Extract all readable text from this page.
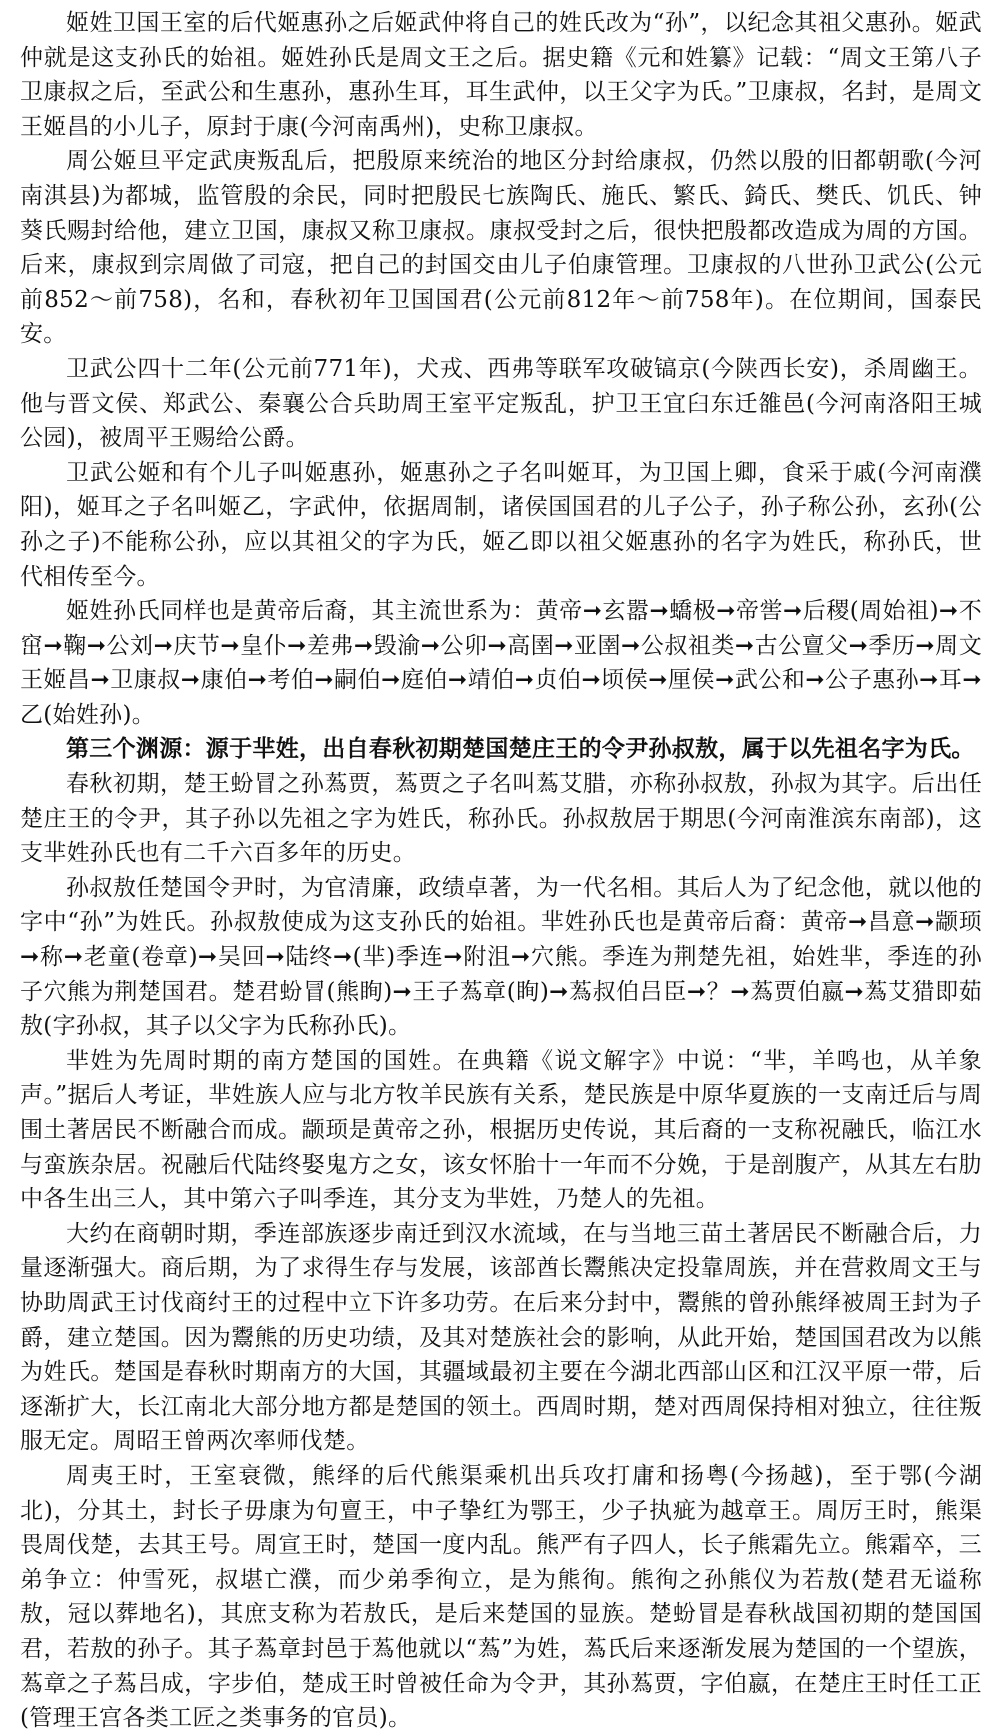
姬姓卫国王室的后代姬惠孙之后姬武仲将自己的姓氏改为“孙”，以纪念其祖父惠孙。姬武仲就是这支孙氏的始祖。姬姓孙氏是周文王之后。据史籍《元和姓纂》记载：“周文王第八子卫康叔之后，至武公和生惠孙，惠孙生耳，耳生武仲，以王父字为氏。”卫康叔，名封，是周文王姬昌的小儿子，原封于康(今河南禹州)，史称卫康叔。

周公姬旦平定武庚叛乱后，把殷原来统治的地区分封给康叔，仍然以殷的旧都朝歌(今河南淇县)为都城，监管殷的余民，同时把殷民七族陶氏、施氏、繁氏、錡氏、樊氏、饥氏、钟葵氏赐封给他，建立卫国，康叔又称卫康叔。康叔受封之后，很快把殷都改造成为周的方国。后来，康叔到宗周做了司寇，把自己的封国交由儿子伯康管理。卫康叔的八世孙卫武公(公元前852～前758)，名和，春秋初年卫国国君(公元前812年～前758年)。在位期间，国泰民安。

卫武公四十二年(公元前771年)，犬戎、西弗等联军攻破镐京(今陕西长安)，杀周幽王。他与晋文侯、郑武公、秦襄公合兵助周王室平定叛乱，护卫王宜臼东迁雒邑(今河南洛阳王城公园)，被周平王赐给公爵。

卫武公姬和有个儿子叫姬惠孙，姬惠孙之子名叫姬耳，为卫国上卿，食采于戚(今河南濮阳)，姬耳之子名叫姬乙，字武仲，依据周制，诸侯国国君的儿子公子，孙子称公孙，玄孙(公孙之子)不能称公孙，应以其祖父的字为氏，姬乙即以祖父姬惠孙的名字为姓氏，称孙氏，世代相传至今。

姬姓孙氏同样也是黄帝后裔，其主流世系为：黄帝➞玄嚣➞蟜极➞帝喾➞后稷(周始祖)➞不窋➞鞠➞公刘➞庆节➞皇仆➞差弗➞毁渝➞公卯➞高圉➞亚圉➞公叔祖类➞古公亶父➞季历➞周文王姬昌➞卫康叔➞康伯➞考伯➞嗣伯➞庭伯➞靖伯➞贞伯➞顷侯➞厘侯➞武公和➞公子惠孙➞耳➞乙(始姓孙)。

第三个渊源：源于芈姓，出自春秋初期楚国楚庄王的令尹孙叔敖，属于以先祖名字为氏。

春秋初期，楚王蚡冒之孙蒍贾，蒍贾之子名叫蒍艾腊，亦称孙叔敖，孙叔为其字。后出任楚庄王的令尹，其子孙以先祖之字为姓氏，称孙氏。孙叔敖居于期思(今河南淮滨东南部)，这支芈姓孙氏也有二千六百多年的历史。

孙叔敖任楚国令尹时，为官清廉，政绩卓著，为一代名相。其后人为了纪念他，就以他的字中“孙”为姓氏。孙叔敖使成为这支孙氏的始祖。芈姓孙氏也是黄帝后裔：黄帝➞昌意➞颛顼➞称➞老童(卷章)➞吴回➞陆终➞(芈)季连➞附沮➞穴熊。季连为荆楚先祖，始姓芈，季连的孙子穴熊为荆楚国君。楚君蚡冒(熊眴)➞王子蒍章(眴)➞蒍叔伯吕臣➞？➞蒍贾伯嬴➞蒍艾猎即茹敖(字孙叔，其子以父字为氏称孙氏)。

芈姓为先周时期的南方楚国的国姓。在典籍《说文解字》中说：“芈，羊鸣也，从羊象声。”据后人考证，芈姓族人应与北方牧羊民族有关系，楚民族是中原华夏族的一支南迁后与周围土著居民不断融合而成。颛顼是黄帝之孙，根据历史传说，其后裔的一支称祝融氏，临江水与蛮族杂居。祝融后代陆终娶鬼方之女，该女怀胎十一年而不分娩，于是剖腹产，从其左右肋中各生出三人，其中第六子叫季连，其分支为芈姓，乃楚人的先祖。

大约在商朝时期，季连部族逐步南迁到汉水流域，在与当地三苗土著居民不断融合后，力量逐渐强大。商后期，为了求得生存与发展，该部酋长鬻熊决定投靠周族，并在营救周文王与协助周武王讨伐商纣王的过程中立下许多功劳。在后来分封中，鬻熊的曾孙熊绎被周王封为子爵，建立楚国。因为鬻熊的历史功绩，及其对楚族社会的影响，从此开始，楚国国君改为以熊为姓氏。楚国是春秋时期南方的大国，其疆域最初主要在今湖北西部山区和江汉平原一带，后逐渐扩大，长江南北大部分地方都是楚国的领土。西周时期，楚对西周保持相对独立，往往叛服无定。周昭王曾两次率师伐楚。

周夷王时，王室衰微，熊绎的后代熊渠乘机出兵攻打庸和扬粤(今扬越)，至于鄂(今湖北)，分其土，封长子毋康为句亶王，中子挚红为鄂王，少子执疵为越章王。周厉王时，熊渠畏周伐楚，去其王号。周宣王时，楚国一度内乱。熊严有子四人，长子熊霜先立。熊霜卒，三弟争立：仲雪死，叔堪亡濮，而少弟季徇立，是为熊徇。熊徇之孙熊仪为若敖(楚君无谥称敖，冠以葬地名)，其庶支称为若敖氏，是后来楚国的显族。楚蚡冒是春秋战国初期的楚国国君，若敖的孙子。其子蒍章封邑于蒍他就以“蒍”为姓，蒍氏后来逐渐发展为楚国的一个望族，蒍章之子蒍吕成，字步伯，楚成王时曾被任命为令尹，其孙蒍贾，字伯嬴，在楚庄王时任工正(管理王宫各类工匠之类事务的官员)。
